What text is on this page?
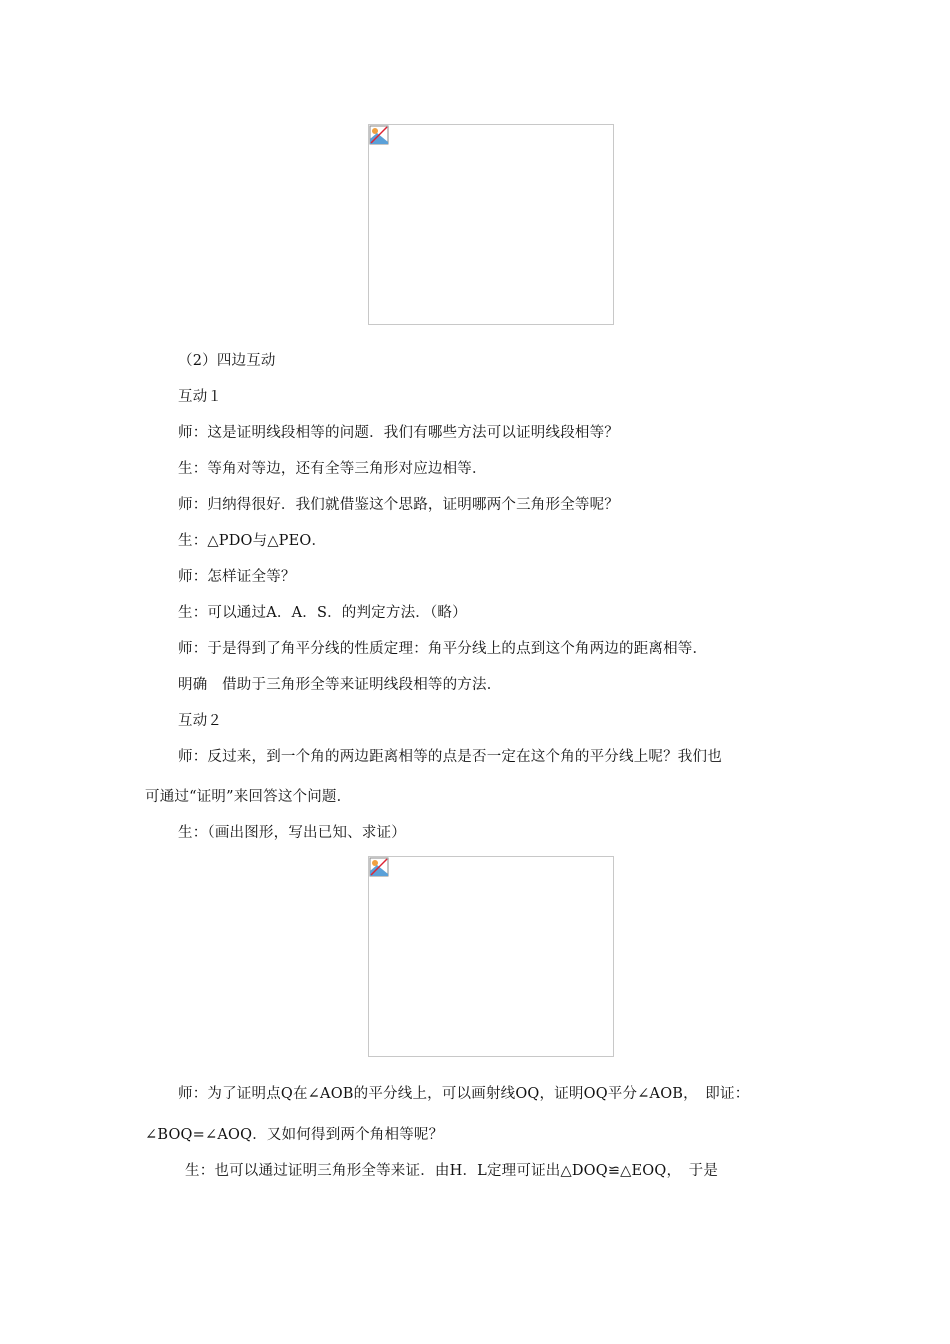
（2）四边互动
互动１
师：这是证明线段相等的问题．我们有哪些方法可以证明线段相等？
生：等角对等边，还有全等三角形对应边相等．
师：归纳得很好．我们就借鉴这个思路，证明哪两个三角形全等呢？
生：△PDO与△PEO．
师：怎样证全等？
生：可以通过A．A．S．的判定方法．（略）
师：于是得到了角平分线的性质定理：角平分线上的点到这个角两边的距离相等．
明确　借助于三角形全等来证明线段相等的方法．
互动２
师：反过来，到一个角的两边距离相等的点是否一定在这个角的平分线上呢？我们也
可通过“证明”来回答这个问题．
生：（画出图形，写出已知、求证）
师：为了证明点Q在∠AOB的平分线上，可以画射线OQ，证明OQ平分∠AOB，　即证：
∠BOQ=∠AOQ．又如何得到两个角相等呢？
生：也可以通过证明三角形全等来证．由H．L定理可证出△DOQ≌△EOQ，　于是
